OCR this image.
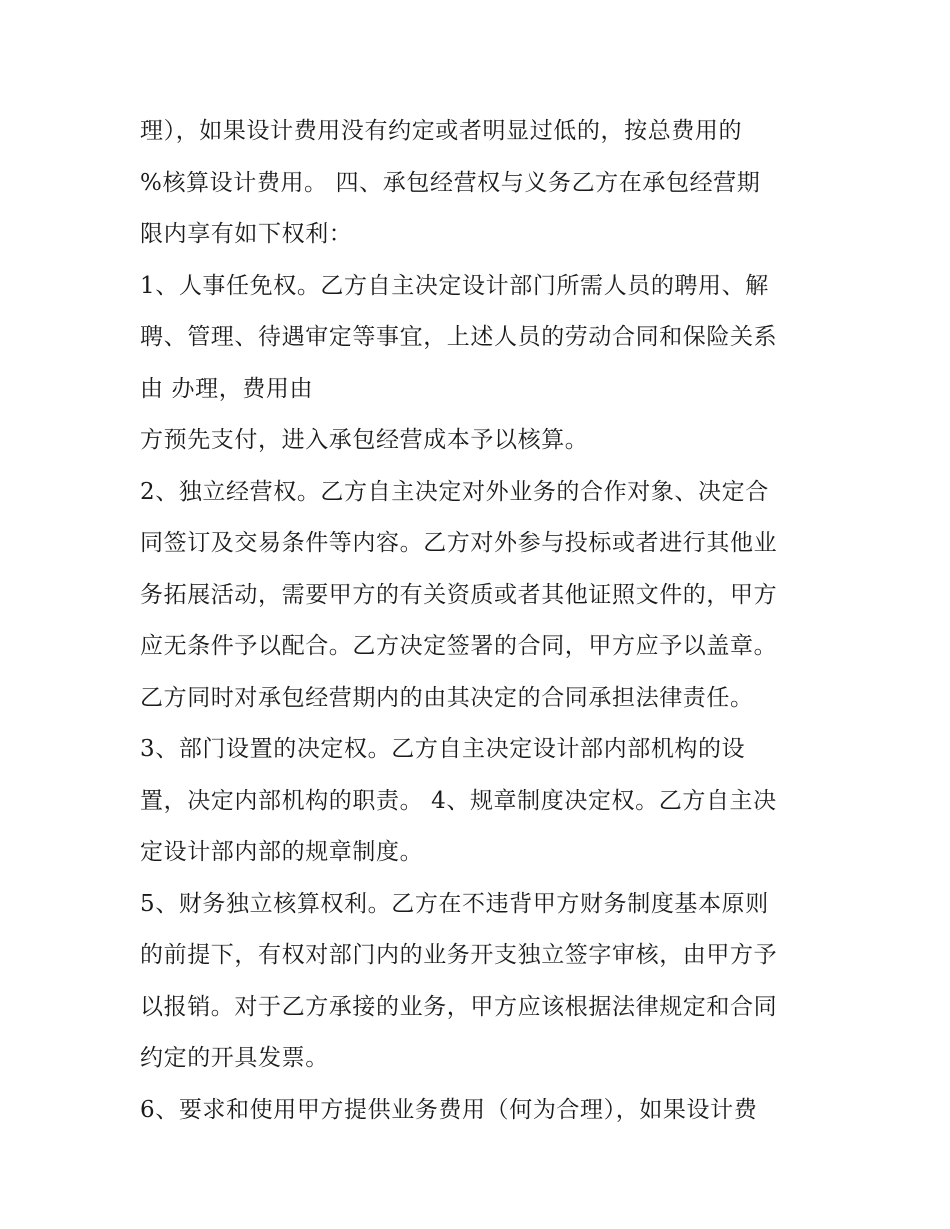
理），如果设计费用没有约定或者明显过低的，按总费用的
%核算设计费用。 四、承包经营权与义务乙方在承包经营期
限内享有如下权利：
1、人事任免权。乙方自主决定设计部门所需人员的聘用、解
聘、管理、待遇审定等事宜，上述人员的劳动合同和保险关系
由 办理，费用由
方预先支付，进入承包经营成本予以核算。
2、独立经营权。乙方自主决定对外业务的合作对象、决定合
同签订及交易条件等内容。乙方对外参与投标或者进行其他业
务拓展活动，需要甲方的有关资质或者其他证照文件的，甲方
应无条件予以配合。乙方决定签署的合同，甲方应予以盖章。
乙方同时对承包经营期内的由其决定的合同承担法律责任。
3、部门设置的决定权。乙方自主决定设计部内部机构的设
置，决定内部机构的职责。 4、规章制度决定权。乙方自主决
定设计部内部的规章制度。
5、财务独立核算权利。乙方在不违背甲方财务制度基本原则
的前提下，有权对部门内的业务开支独立签字审核，由甲方予
以报销。对于乙方承接的业务，甲方应该根据法律规定和合同
约定的开具发票。
6、要求和使用甲方提供业务费用（何为合理），如果设计费
